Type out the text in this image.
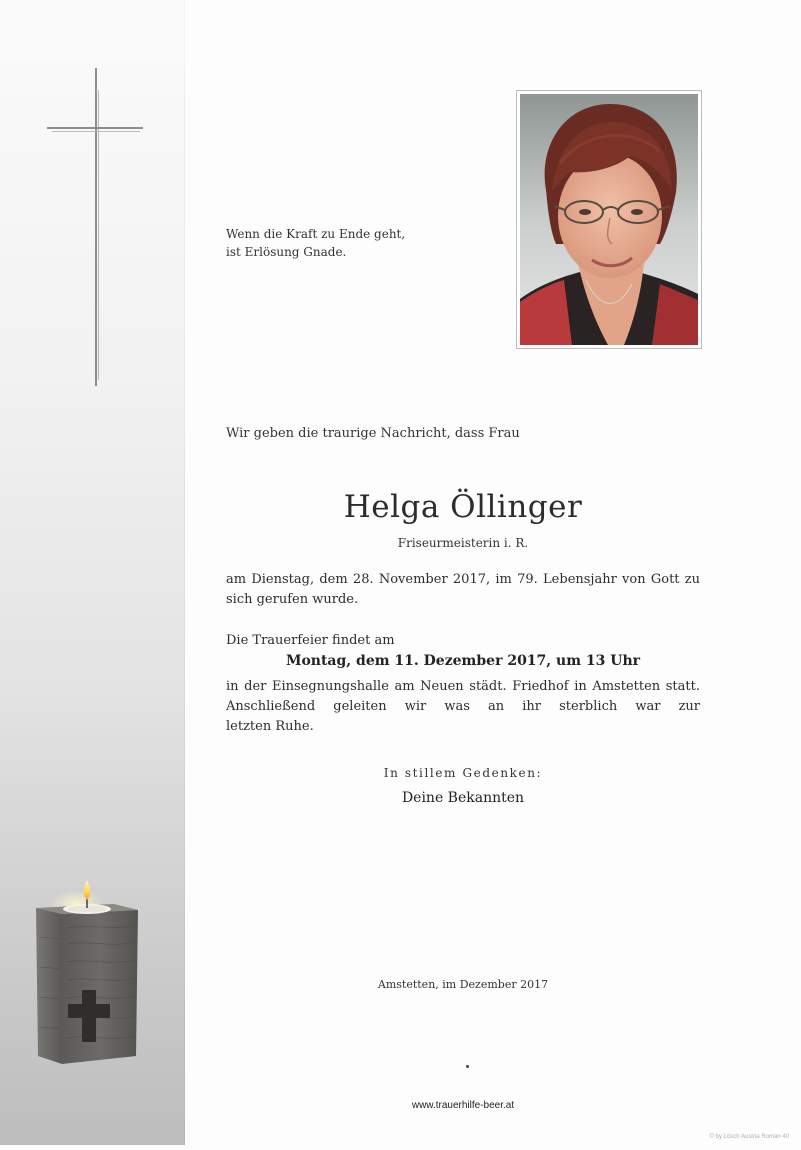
Wenn die Kraft zu Ende geht,
ist Erlösung Gnade.
Wir geben die traurige Nachricht, dass Frau
Helga Öllinger
Friseurmeisterin i. R.
am Dienstag, dem 28. November 2017, im 79. Lebensjahr von Gott zu sich gerufen wurde.
Die Trauerfeier findet am
Montag, dem 11. Dezember 2017, um 13 Uhr
in der Einsegnungshalle am Neuen städt. Friedhof in Amstetten statt.
Anschließend geleiten wir was an ihr sterblich war zur
letzten Ruhe.
In stillem Gedenken:
Deine Bekannten
Amstetten, im Dezember 2017
www.trauerhilfe-beer.at
© by Lösch Austria Roman 40
